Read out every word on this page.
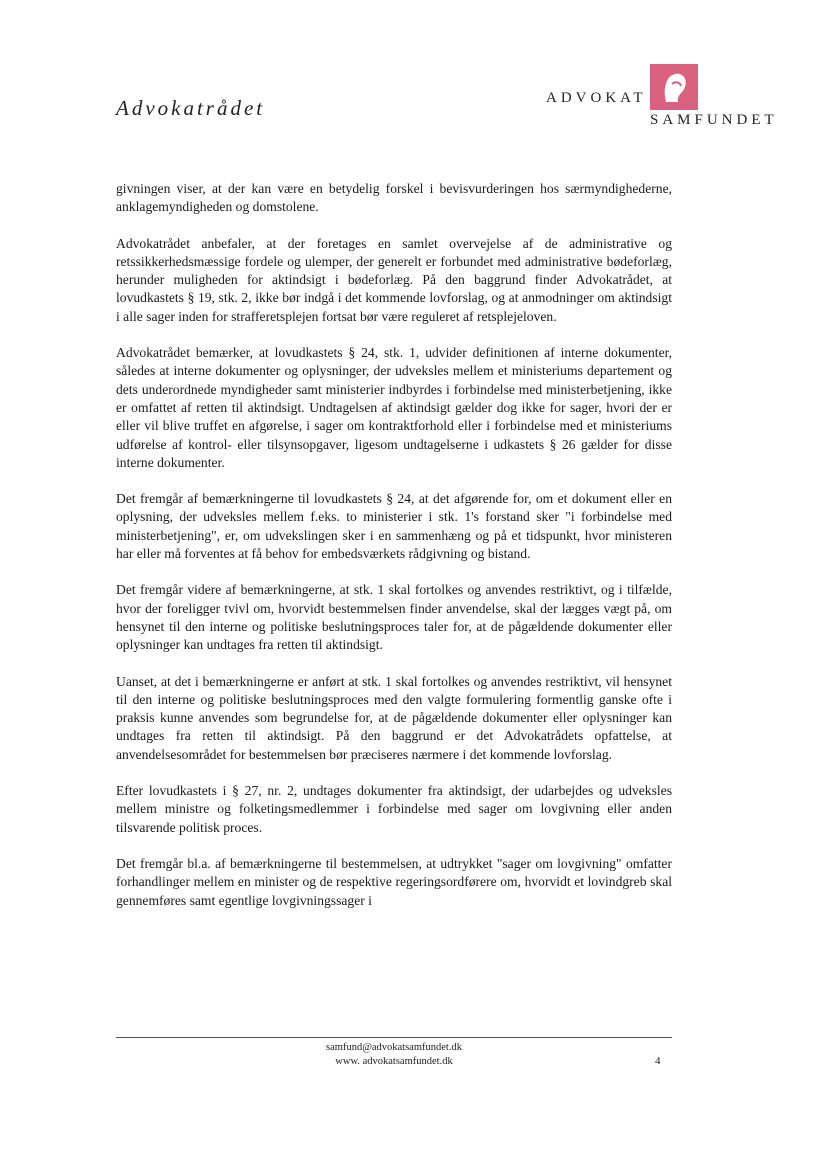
Advokatrådet	ADVOKAT
SAMFUNDET

givningen viser, at der kan være en betydelig forskel i bevisvurderingen hos særmyndighederne, anklagemyndigheden og domstolene.

Advokatrådet anbefaler, at der foretages en samlet overvejelse af de administrative og retssikkerhedsmæssige fordele og ulemper, der generelt er forbundet med administrative bødeforlæg, herunder muligheden for aktindsigt i bødeforlæg. På den baggrund finder Advokatrådet, at lovudkastets § 19, stk. 2, ikke bør indgå i det kommende lovforslag, og at anmodninger om aktindsigt i alle sager inden for strafferetsplejen fortsat bør være reguleret af retsplejeloven.

Advokatrådet bemærker, at lovudkastets § 24, stk. 1, udvider definitionen af interne dokumenter, således at interne dokumenter og oplysninger, der udveksles mellem et ministeriums departement og dets underordnede myndigheder samt ministerier indbyrdes i forbindelse med ministerbetjening, ikke er omfattet af retten til aktindsigt. Undtagelsen af aktindsigt gælder dog ikke for sager, hvori der er eller vil blive truffet en afgørelse, i sager om kontraktforhold eller i forbindelse med et ministeriums udførelse af kontrol- eller tilsynsopgaver, ligesom undtagelserne i udkastets § 26 gælder for disse interne dokumenter.

Det fremgår af bemærkningerne til lovudkastets § 24, at det afgørende for, om et dokument eller en oplysning, der udveksles mellem f.eks. to ministerier i stk. 1's forstand sker "i forbindelse med ministerbetjening", er, om udvekslingen sker i en sammenhæng og på et tidspunkt, hvor ministeren har eller må forventes at få behov for embedsværkets rådgivning og bistand.

Det fremgår videre af bemærkningerne, at stk. 1 skal fortolkes og anvendes restriktivt, og i tilfælde, hvor der foreligger tvivl om, hvorvidt bestemmelsen finder anvendelse, skal der lægges vægt på, om hensynet til den interne og politiske beslutningsproces taler for, at de pågældende dokumenter eller oplysninger kan undtages fra retten til aktindsigt.

Uanset, at det i bemærkningerne er anført at stk. 1 skal fortolkes og anvendes restriktivt, vil hensynet til den interne og politiske beslutningsproces med den valgte formulering formentlig ganske ofte i praksis kunne anvendes som begrundelse for, at de pågældende dokumenter eller oplysninger kan undtages fra retten til aktindsigt. På den baggrund er det Advokatrådets opfattelse, at anvendelsesområdet for bestemmelsen bør præciseres nærmere i det kommende lovforslag.

Efter lovudkastets i § 27, nr. 2, undtages dokumenter fra aktindsigt, der udarbejdes og udveksles mellem ministre og folketingsmedlemmer i forbindelse med sager om lovgivning eller anden tilsvarende politisk proces.

Det fremgår bl.a. af bemærkningerne til bestemmelsen, at udtrykket "sager om lovgivning" omfatter forhandlinger mellem en minister og de respektive regeringsordførere om, hvorvidt et lovindgreb skal gennemføres samt egentlige lovgivningssager i

samfund@advokatsamfundet.dk
www. advokatsamfundet.dk	4
